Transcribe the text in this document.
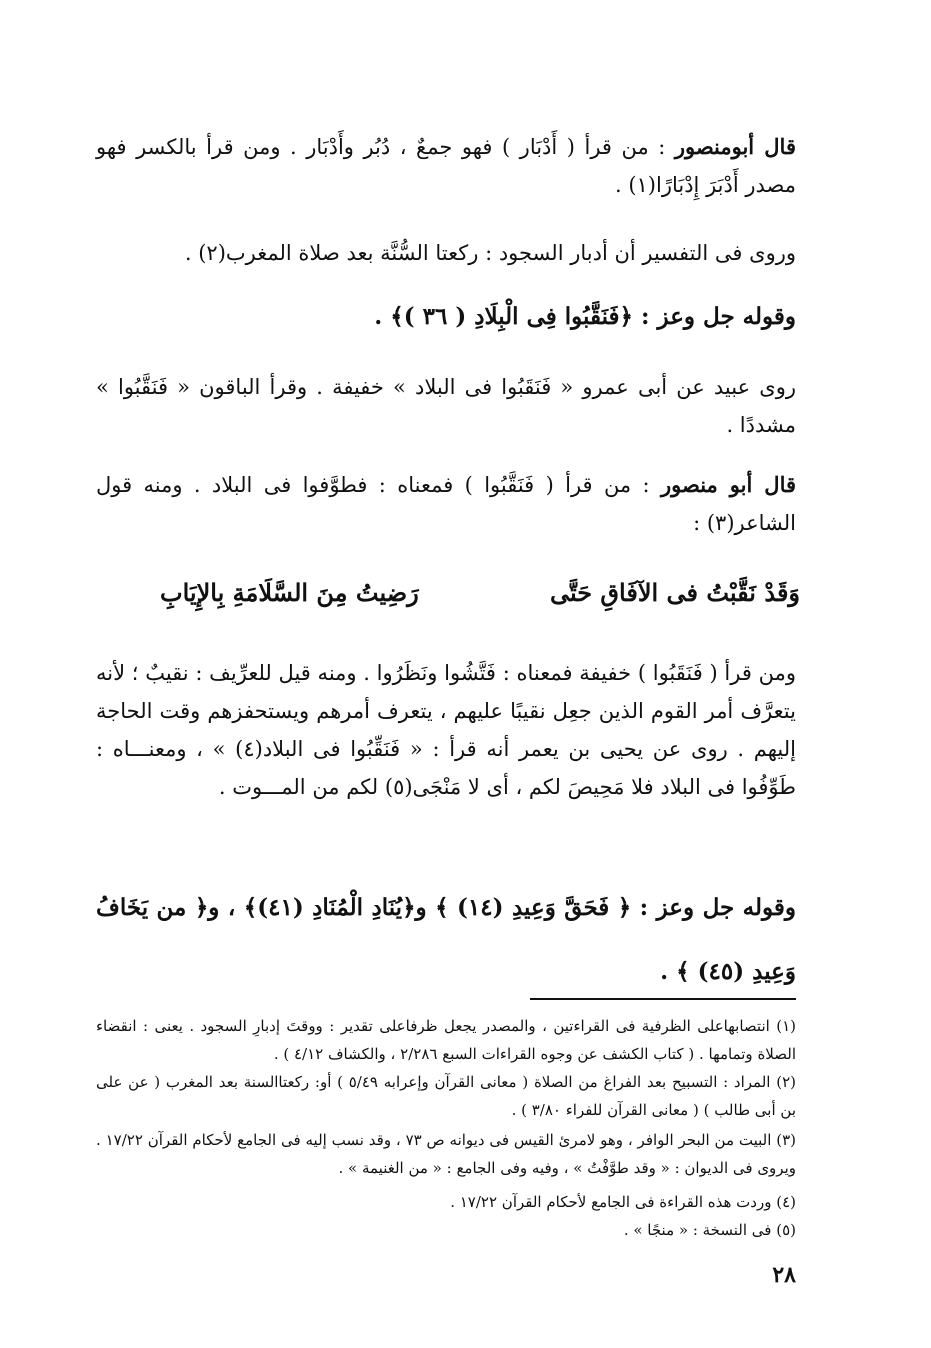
قال أبومنصور : من قرأ ( أَدْبَار ) فهو جمعٌ ، دُبُر وأَدْبَار . ومن قرأ بالكسر فهو مصدر أَدْبَرَ إِدْبَارًا(١) .
وروى فى التفسير أن أدبار السجود : ركعتا السُّنَّة بعد صلاة المغرب(٢) .
وقوله جل وعز : ﴿فَنَقَّبُوا فِى الْبِلَادِ ( ٣٦ )﴾ .
روى عبيد عن أبى عمرو « فَنَقَبُوا فى البلاد » خفيفة . وقرأ الباقون « فَنَقَّبُوا » مشددًا .
قال أبو منصور : من قرأ ( فَنَقَّبُوا ) فمعناه : فطوَّفوا فى البلاد . ومنه قول الشاعر(٣) :
وَقَدْ نَقَّبْتُ فى الآفَاقِ حَتَّى
رَضِيتُ مِنَ السَّلَامَةِ بِالإِيَابِ
ومن قرأ ( فَنَقَبُوا ) خفيفة فمعناه : فَتَّشُوا ونَظَرُوا . ومنه قيل للعرِّيف : نقيبٌ ؛ لأنه يتعرَّف أمر القوم الذين جعِل نقيبًا عليهم ، يتعرف أمرهم ويستحفزهم وقت الحاجة إليهم . روى عن يحيى بن يعمر أنه قرأ : « فَنَقِّبُوا فى البلاد(٤) » ، ومعنـــاه : طَوِّفُوا فى البلاد فلا مَحِيصَ لكم ، أى لا مَنْجَى(٥) لكم من المـــوت .
وقوله جل وعز : ﴿ فَحَقَّ وَعِيدِ (١٤) ﴾ و﴿يُنَادِ الْمُنَادِ (٤١)﴾ ، و﴿ من يَخَافُ وَعِيدِ (٤٥) ﴾ .
(١) انتصابهاعلى الظرفية فى القراءتين ، والمصدر يجعل ظرفاعلى تقدير : ووقتَ إدبارِ السجود . يعنى : انقضاء الصلاة وتمامها . ( كتاب الكشف عن وجوه القراءات السبع ٢/٢٨٦ ، والكشاف ٤/١٢ ) .
(٢) المراد : التسبيح بعد الفراغ من الصلاة ( معانى القرآن وإعرابه ٥/٤٩ ) أو: ركعتاالسنة بعد المغرب ( عن على بن أبى طالب ) ( معانى القرآن للفراء ٣/٨٠ ) .
(٣) البيت من البحر الوافر ، وهو لامرئ القيس فى ديوانه ص ٧٣ ، وقد نسب إليه فى الجامع لأحكام القرآن ١٧/٢٢ . ويروى فى الديوان : « وقد طوَّفْتُ » ، وفيه وفى الجامع : « من الغنيمة » .
(٤) وردت هذه القراءة فى الجامع لأحكام القرآن ١٧/٢٢ .
(٥) فى النسخة : « منجًا » .
٢٨
